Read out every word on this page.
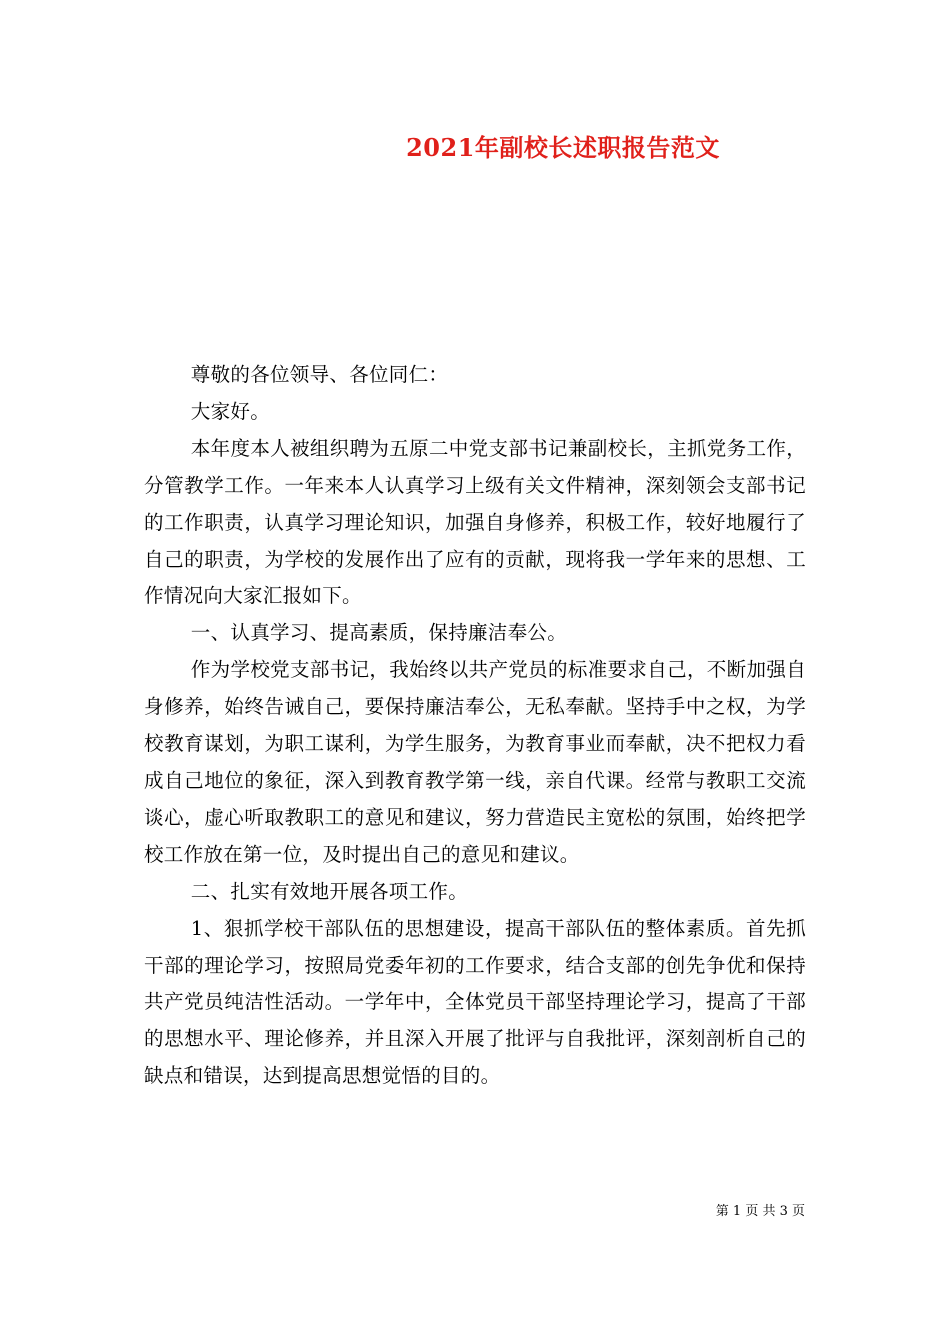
2021年副校长述职报告范文

尊敬的各位领导、各位同仁：

大家好。

本年度本人被组织聘为五原二中党支部书记兼副校长，主抓党务工作，分管教学工作。一年来本人认真学习上级有关文件精神，深刻领会支部书记的工作职责，认真学习理论知识，加强自身修养，积极工作，较好地履行了自己的职责，为学校的发展作出了应有的贡献，现将我一学年来的思想、工作情况向大家汇报如下。

一、认真学习、提高素质，保持廉洁奉公。

作为学校党支部书记，我始终以共产党员的标准要求自己，不断加强自身修养，始终告诫自己，要保持廉洁奉公，无私奉献。坚持手中之权，为学校教育谋划，为职工谋利，为学生服务，为教育事业而奉献，决不把权力看成自己地位的象征，深入到教育教学第一线，亲自代课。经常与教职工交流谈心，虚心听取教职工的意见和建议，努力营造民主宽松的氛围，始终把学校工作放在第一位，及时提出自己的意见和建议。

二、扎实有效地开展各项工作。

1、狠抓学校干部队伍的思想建设，提高干部队伍的整体素质。首先抓干部的理论学习，按照局党委年初的工作要求，结合支部的创先争优和保持共产党员纯洁性活动。一学年中，全体党员干部坚持理论学习，提高了干部的思想水平、理论修养，并且深入开展了批评与自我批评，深刻剖析自己的缺点和错误，达到提高思想觉悟的目的。

第 1 页 共 3 页
